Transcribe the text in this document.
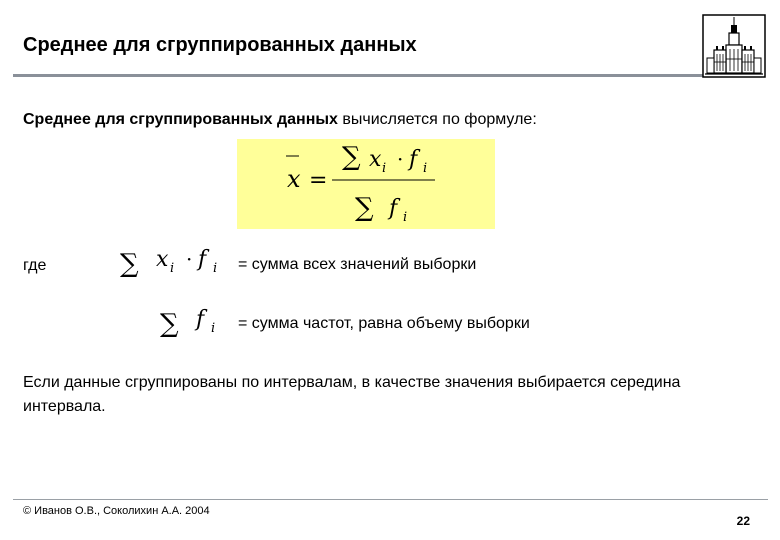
Среднее для сгруппированных данных
Среднее для сгруппированных данных вычисляется по формуле:
x =
∑ x i · f i
∑ f i
где	∑ x i · f i = сумма всех значений выборки
∑ f i = сумма частот, равна объему выборки
Если данные сгруппированы по интервалам, в качестве значения выбирается середина интервала.
© Иванов О.В., Соколихин А.А. 2004
22
